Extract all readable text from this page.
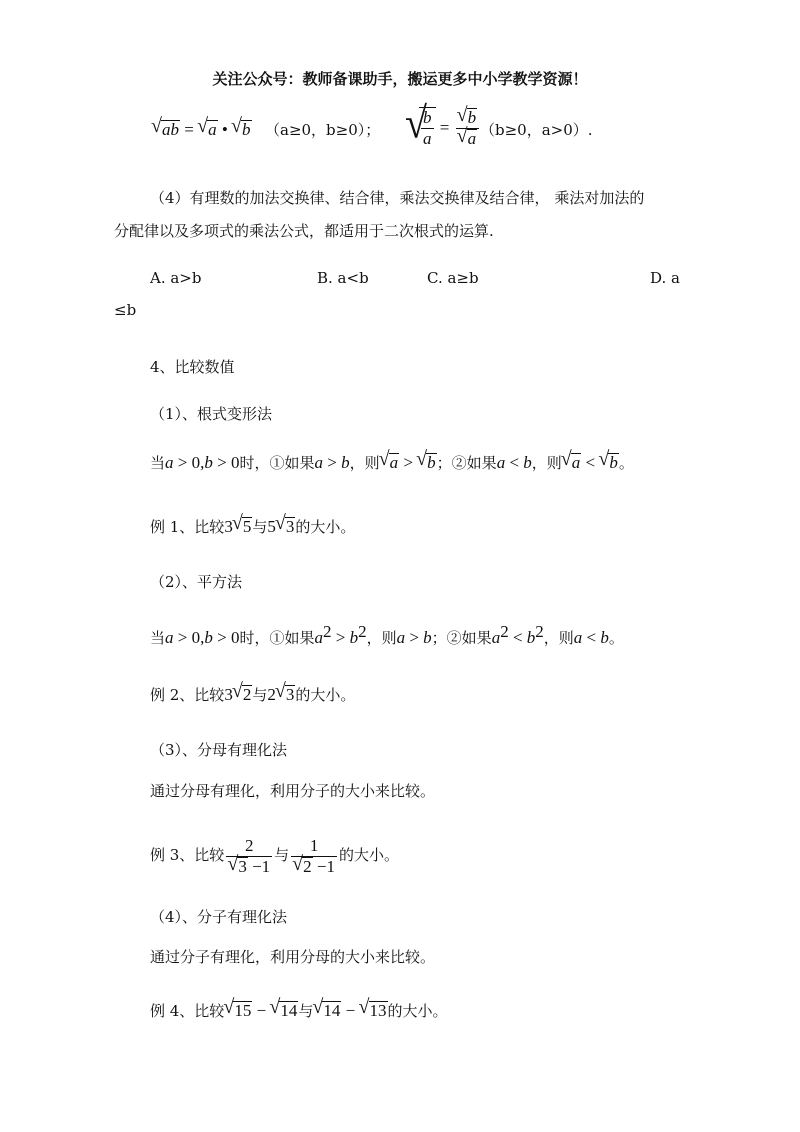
关注公众号：教师备课助手，搬运更多中小学教学资源！
√ ab = √ a • √ b （a≥0，b≥0）； √ $\frac{b}{a}$ = √ b
√ a （b≥0，a>0）.
（4）有理数的加法交换律、结合律，乘法交换律及结合律， 乘法对加法的
分配律以及多项式的乘法公式，都适用于二次根式的运算.
A. a>b	B. a<b	C. a≥b	D. a
≤b
4、比较数值
（1）、根式变形法
当a > 0,b > 0时，①如果a > b，则 √ a > √ b；②如果a < b，则 √ a < √ b。
例 1、比较3 √ 5与5 √ 3的大小。
（2）、平方法
当a > 0,b > 0时，①如果$a^2 > b^2$，则a > b；②如果$a^2 < b^2$，则a < b。
例 2、比较3 √ 2与2 √ 3的大小。
（3）、分母有理化法
通过分母有理化，利用分子的大小来比较。
例 3、比较 2
√ 3 −1 与 1
√ 2 −1 的大小。
（4）、分子有理化法
通过分子有理化，利用分母的大小来比较。
例 4、比较 √ 15 − √ 14与 √ 14 − √ 13的大小。
